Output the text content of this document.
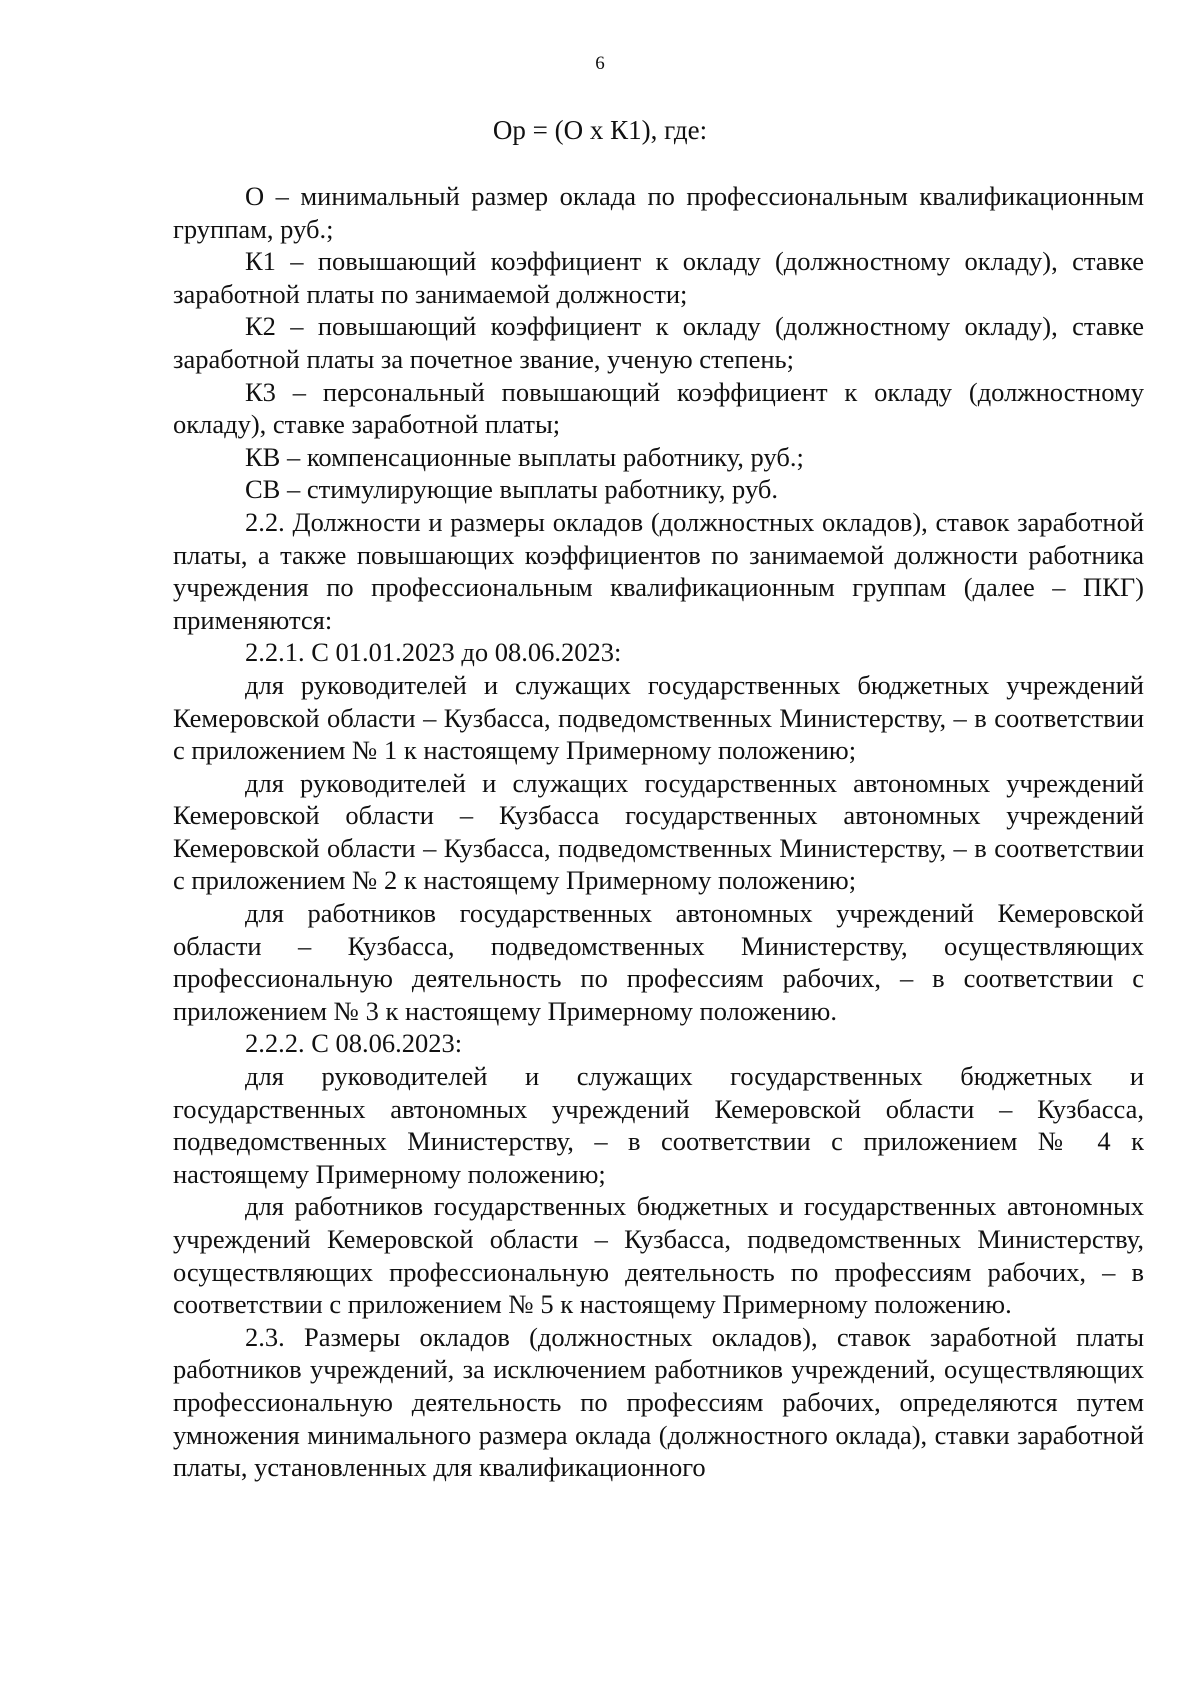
6
Ор = (О х К1), где:

О – минимальный размер оклада по профессиональным квалификационным группам, руб.;

К1 – повышающий коэффициент к окладу (должностному окладу), ставке заработной платы по занимаемой должности;

К2 – повышающий коэффициент к окладу (должностному окладу), ставке заработной платы за почетное звание, ученую степень;

К3 – персональный повышающий коэффициент к окладу (должностному окладу), ставке заработной платы;

КВ – компенсационные выплаты работнику, руб.;

СВ – стимулирующие выплаты работнику, руб.

2.2. Должности и размеры окладов (должностных окладов), ставок заработной платы, а также повышающих коэффициентов по занимаемой должности работника учреждения по профессиональным квалификационным группам (далее – ПКГ) применяются:

2.2.1. С 01.01.2023 до 08.06.2023:

для руководителей и служащих государственных бюджетных учреждений Кемеровской области – Кузбасса, подведомственных Министерству, – в соответствии с приложением № 1 к настоящему Примерному положению;

для руководителей и служащих государственных автономных учреждений Кемеровской области – Кузбасса государственных автономных учреждений Кемеровской области – Кузбасса, подведомственных Министерству, – в соответствии с приложением № 2 к настоящему Примерному положению;

для работников государственных автономных учреждений Кемеровской области – Кузбасса, подведомственных Министерству, осуществляющих профессиональную деятельность по профессиям рабочих, – в соответствии с приложением № 3 к настоящему Примерному положению.

2.2.2. С 08.06.2023:

для руководителей и служащих государственных бюджетных и государственных автономных учреждений Кемеровской области – Кузбасса, подведомственных Министерству, – в соответствии с приложением № 4 к настоящему Примерному положению;

для работников государственных бюджетных и государственных автономных учреждений Кемеровской области – Кузбасса, подведомственных Министерству, осуществляющих профессиональную деятельность по профессиям рабочих, – в соответствии с приложением № 5 к настоящему Примерному положению.

2.3. Размеры окладов (должностных окладов), ставок заработной платы работников учреждений, за исключением работников учреждений, осуществляющих профессиональную деятельность по профессиям рабочих, определяются путем умножения минимального размера оклада (должностного оклада), ставки заработной платы, установленных для квалификационного
